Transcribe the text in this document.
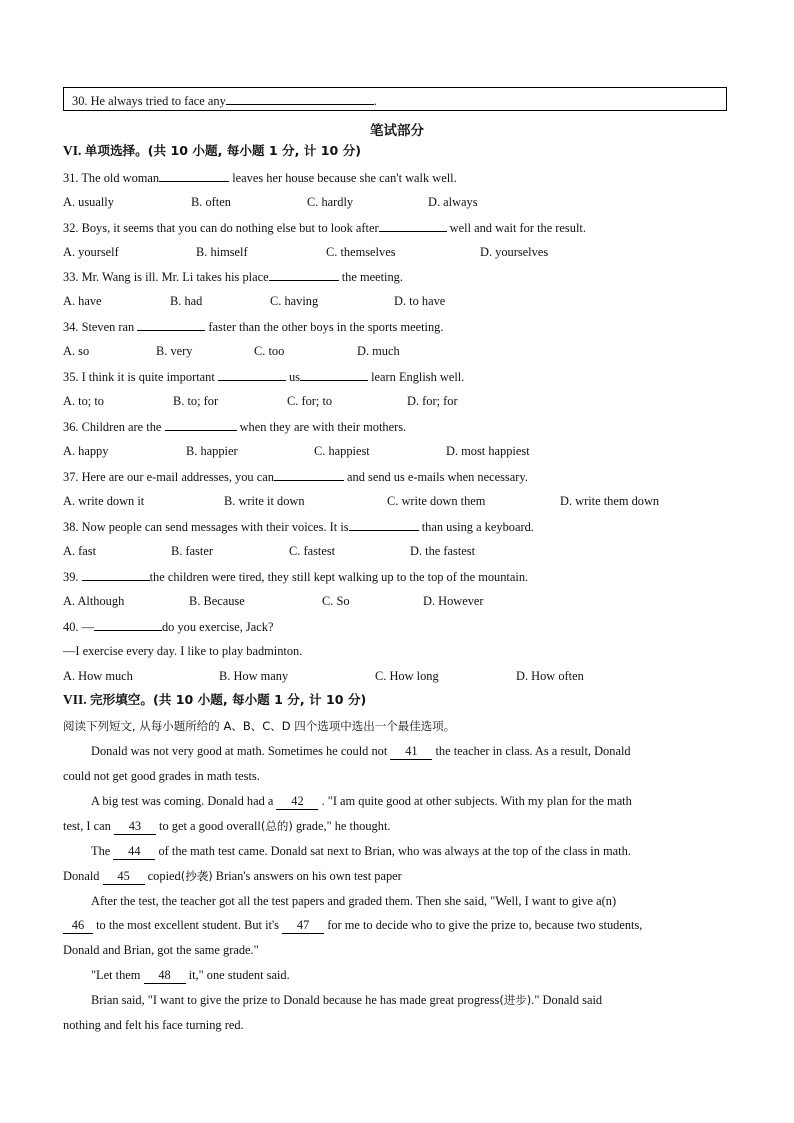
30. He always tried to face any	.
笔试部分
VI. 单项选择。(共 10 小题, 每小题 1 分, 计 10 分)
31. The old woman	leaves her house because she can't walk well.
A. usually	B. often	C. hardly	D. always
32. Boys, it seems that you can do nothing else but to look after	well and wait for the result.
A. yourself	B. himself	C. themselves	D. yourselves
33. Mr. Wang is ill. Mr. Li takes his place	the meeting.
A. have	B. had	C. having	D. to have
34. Steven ran	faster than the other boys in the sports meeting.
A. so	B. very	C. too	D. much
35. I think it is quite important	us	learn English well.
A. to; to	B. to; for	C. for; to	D. for; for
36. Children are the	when they are with their mothers.
A. happy	B. happier	C. happiest	D. most happiest
37. Here are our e-mail addresses, you can	and send us e-mails when necessary.
A. write down it	B. write it down	C. write down them	D. write them down
38. Now people can send messages with their voices. It is	than using a keyboard.
A. fast	B. faster	C. fastest	D. the fastest
39.	the children were tired, they still kept walking up to the top of the mountain.
A. Although	B. Because	C. So	D. However
40. —	do you exercise, Jack?
—I exercise every day. I like to play badminton.
A. How much	B. How many	C. How long	D. How often
VII. 完形填空。(共 10 小题, 每小题 1 分, 计 10 分)
阅读下列短文, 从每小题所给的 A、B、C、D 四个选项中选出一个最佳选项。
Donald was not very good at math. Sometimes he could not 41 the teacher in class. As a result, Donald
could not get good grades in math tests.
A big test was coming. Donald had a 42 . "I am quite good at other subjects. With my plan for the math
test, I can 43 to get a good overall(总的) grade," he thought.
The 44 of the math test came. Donald sat next to Brian, who was always at the top of the class in math.
Donald 45 copied(抄袭) Brian's answers on his own test paper
After the test, the teacher got all the test papers and graded them. Then she said, "Well, I want to give a(n)
46 to the most excellent student. But it's 47 for me to decide who to give the prize to, because two students,
Donald and Brian, got the same grade."
"Let them 48 it," one student said.
Brian said, "I want to give the prize to Donald because he has made great progress(进步)." Donald said
nothing and felt his face turning red.
